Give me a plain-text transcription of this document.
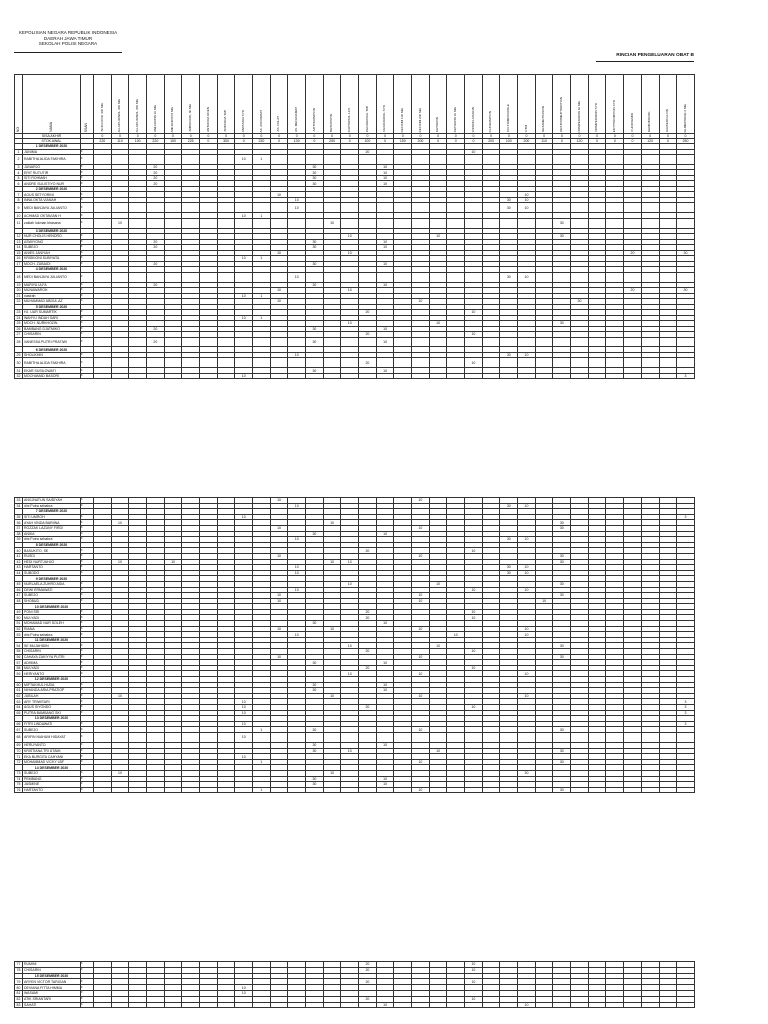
KEPOLISIAN NEGARA REPUBLIK INDONESIA
DAERAH JAWA TIMUR
SEKOLAH POLISI NEGARA
RINCIAN PENGELUARAN OBAT B
NO	NAMA	SSAN	ACICLOVIR 400 MG	ALLOPURINOL 300 MG	ALLOPURINOL 300 MG	AMLODIPIN 10 MG	AMLODIPIN 5 MG	AMBROXOL 30 MG	ANTACIDA DOEN	ANTASIDA TAB	ANTASIDA SYR	AS. ASCORBAT	AS. FOLAT	AS. MEFENAMAT	AZITHROMYCIN	BETAHISTIN	CAPTOPRIL 12,5	CEFADROXIL TAB	CEFADROXIL SYR	CEFIXIM 100 MG	CEFIXIM 200 MG	CETIRIZIN	CETIRIZIN 10 MG	CIPROFLOXACIN	CLINDAMYCIN	CO-TRIMOXAZOLE	CTM	DEXAMETHASON	DEXTROMETHORPHAN	DOMPERIDON 10 MG	DOMPERIDON SYR	ERYTHROMYCIN SYR	FUROSEMID	GEMFIBROZIL	GRISEOFULVIN	GLIMEPIRIDE 2 MG
	SISA AKHIR		0	0	0	0	0	0	0	0	0	0	0	0	0	0	0	0	0	0	0	0	0	0	0	0	0	0	0	0	0	0	0	0	0	0
	STOK AWAL		220	110	100	220	150	225	0	300	0	230	0	100	0	250	0	100	0	150	200	0	0	0	200	100	200	110	0	120	0	0	0	120	0	250
	1 DESEMBER 2020																																			
1	JUNIMA	F																20						10												
2	RABITHA ALIDA FAKHIRA	F									10	1																								
3	JUNARJO	F				20									30				10																	
4	ERIT RUTUTIR	F				20									30				10																	
5	SITI ROHMAH	F				20									30				10																	
6	ANDRE SULISTIYO NUR	F				20									30				10																	
	2 DESEMBER 2020																																			
7	AGUS SETYORINI	F											10														10									
8	INNA OKTA VIANAH	F												10												30	10									
9	MEDI BANJAYA JULIANTO	F												10												30	10									
10	ACHMAD OKTAVIAN H	F									10	1																								
11	zakiah lukman khasana	F		10												10													30							
	3 DESEMBER 2020																																			
12	NUR CHOLIS HENDRO	F															10					10							30							
13	ASWIYONO	F				20									30				10																	
14	SUBEJO	F				20									30				10																	
15	ANIES JANIYAH	F											10				10																20			30
16	KRISKIONI SUBIYATA	F									10	1																								
17	MOCH. ZUBAIDI	F				20									30				10																	
	4 DESEMBER 2020																																			
18	MEDI BANJAYA JULIANTO	F												10												30	10									
19	MARIYA ULFA	F				20									30				10																	
20	MUNAWAROH	F											10				10																20			30
21	nasirah	F									10	1																								
22	MUHAMMAD ABDUL AZ	F											10								10									30						
	5 DESEMBER 2020																																			
23	HJ. UUR SUMARTIK	F																20						10												
24	WAHYU INDAH SARI	F									10	1																								
25	MOCH. NURKHOZIN	F															10					10							30							
26	BAMBANG DJATMIKO	F				20									30				10																	
27	CHISARIN	F																20						10												
28	VANESSA PUTRI PRATIWI	F				20									30				10																	
	6 DESEMBER 2020																																			
29	SHOLIKHIN	F												10												30	10									
30	RABITHA ALIDA FAKHIRA	F																20						10												
31	EKAR SUSILOWATI	F													30				10																	
32	MOCHAMAD BASORI	F									10																									3
33	ANGJNATUN SAIDIYAH	F											10								10															
34	dini Putra sebabra	F												10												30	10									
	7 DESEMBER 2020																																			
35	SITI UMROH	F									10																									3
36	AYAH VINDA BARIINA	F		10												10													30							
37	ROZZAK LAZUNY FIRDI	F											10								10								30							
38	ANIKA	F													30				10																	
39	dini Putra sebabra	F												10												30	10									
	8 DESEMBER 2020																																			
40	BASUKITO, SE	F																20						10												
41	RUSDI	F											10								10								30							
42	HEDI NURTJAHJO	F		10			10									10	10												30							
43	HARTANTO	F												10												30	10									
44	SUBODO	F												10												30	10									
	9 DESEMBER 2020																																			
45	NURLAELA ZUHRO ASIA	F															10					10							30							
46	DEWI ERMAWATI	F												10										10			10									
47	SUBEJO	F											10								10								30							
48	SHOBUD	F											10								10							10								
	10 DESEMBER 2020																																			
49	PONI SRI	F																20						10												
50	MULYADI	F																20						10												
51	MOHAMAD NUR SOLEH	F													30				10																	
52	RIANA	F											10			10					10						10									
53	dini Putra sebabra	F												10									10				10									
	11 DESEMBER 2020																																			
54	SE MUJAHIDIN	F															10					10							30							
55	CHISARIN	F																20						10												
56	CAHAYA ZAKIYYA PUTRI	F											10								10								30							
57	ADHIMA	F													30				10																	
58	MULYADI	F																20						10												
59	HERIYANTO	F															10				10						10									
	12 DESEMBER 2020																																			
60	MIFTAKHUL HUDA	F													30				10																	
61	NIHANDA ARIA PRATIOP	F													30				10																	
62	JUBILAH	F		10												10					10						10									
63	ARY TRIWITARI	F									10																									3
64	AGUS SIYONDO	F									10							20						10												3
65	PUTRA BAMBANG SKI	F									10																									3
	13 DESEMBER 2020																																			
66	FITRI LINDAWATI	F									10																									3
67	SUBEJO	F										1			30						10								30							
68	ARIFIN NIAHUM HIDAYAT	F									10																									
69	HERUYANTO	F													30				10																	
70	KRISTIANA TRI UTAMI	F													30		10					10							30							
71	EKA BURGITA CAHYANI	F									10																									
72	MOHAMMAD VICKY LBF	F										1									10								30							
	14 DESEMBER 2020																																			
73	SUBEJO	F		10												10											30									
74	PEMBANG	F													30				10																	
75	JASMINE	F													30				10																	
76	HARTANTO	F										1									10								30							
77	RUMINI	F																20						10												
78	CHISARIN	F																20						10												
	15 DESEMBER 2020																																			
79	ARYEN VICTOR TARIGAN	F																20						10												
80	DEVIANA FITTA HIMMA	F									10																									
81	WASAMI	F									10																									
82	ATIK SRIANTARI	F																20						10												
83	SAHATI	F																	10								10									
